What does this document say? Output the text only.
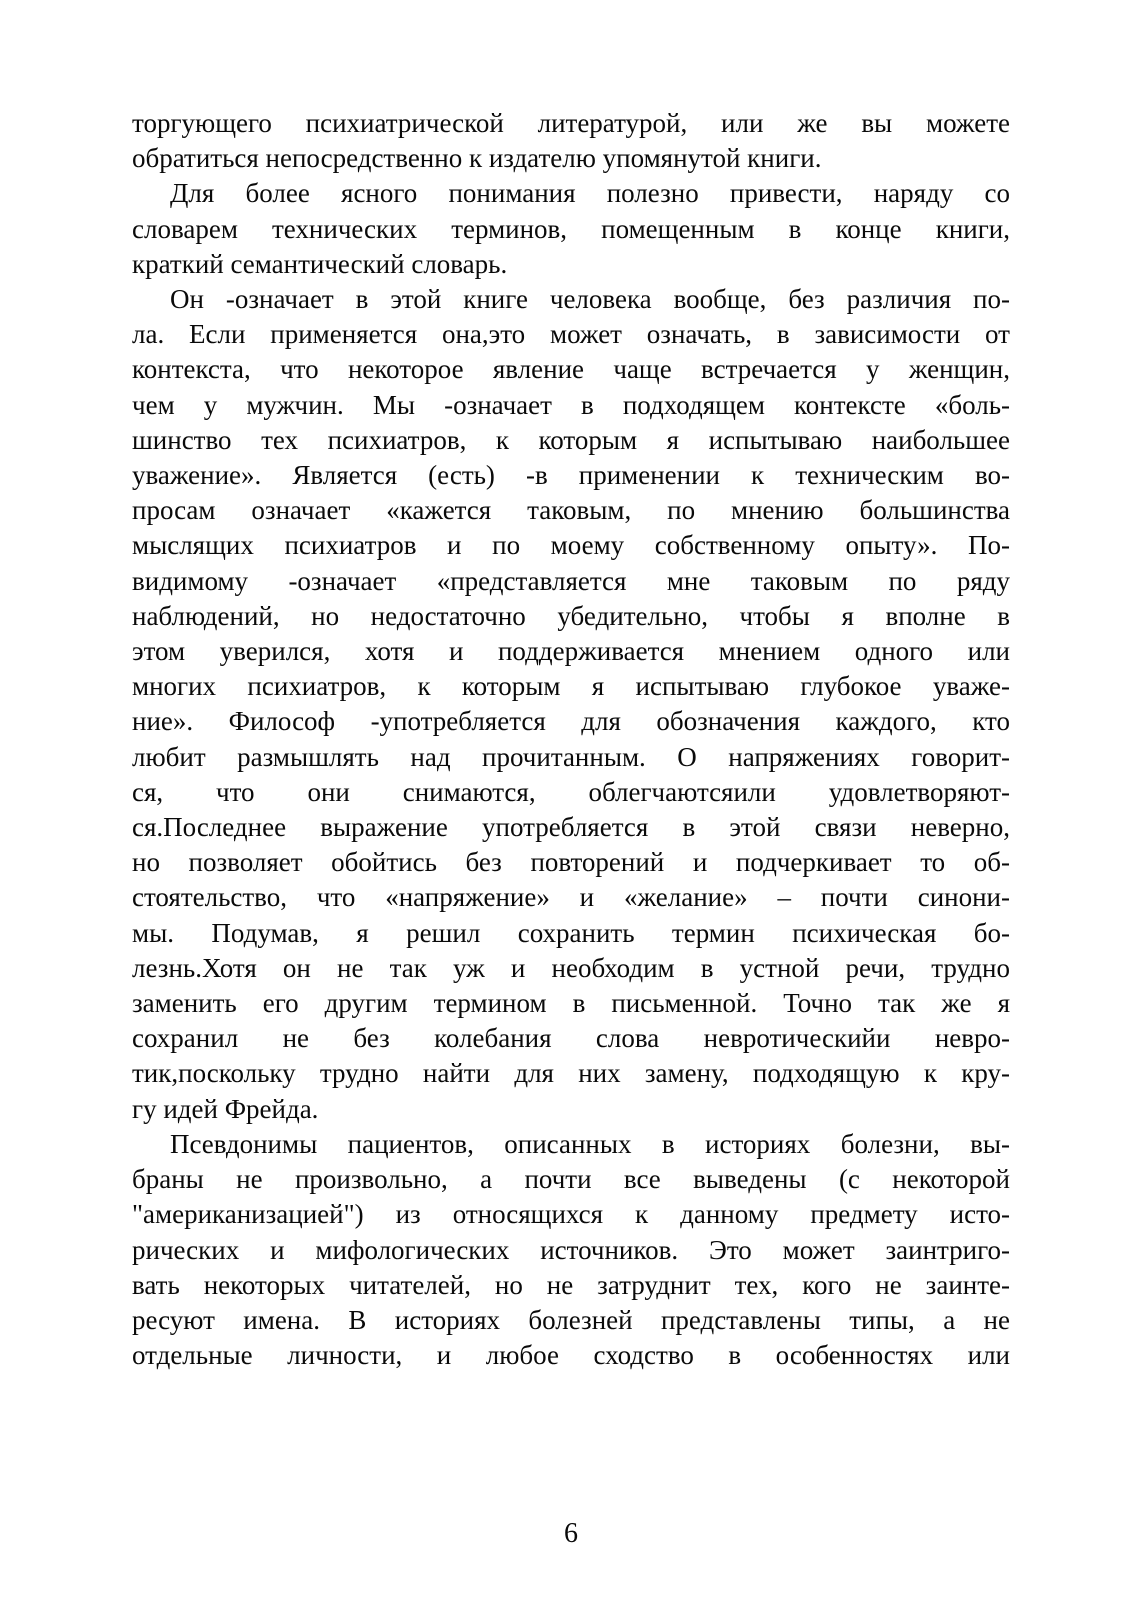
торгующего психиатрической литературой, или же вы можете
обратиться непосредственно к издателю упомянутой книги.
Для более ясного понимания полезно привести, наряду со
словарем технических терминов, помещенным в конце книги,
краткий семантический словарь.
Он -означает в этой книге человека вообще, без различия по-
ла. Если применяется она,это может означать, в зависимости от
контекста, что некоторое явление чаще встречается у женщин,
чем у мужчин. Мы -означает в подходящем контексте «боль-
шинство тех психиатров, к которым я испытываю наибольшее
уважение». Является (есть) -в применении к техническим во-
просам означает «кажется таковым, по мнению большинства
мыслящих психиатров и по моему собственному опыту». По-
видимому -означает «представляется мне таковым по ряду
наблюдений, но недостаточно убедительно, чтобы я вполне в
этом уверился, хотя и поддерживается мнением одного или
многих психиатров, к которым я испытываю глубокое уваже-
ние». Философ -употребляется для обозначения каждого, кто
любит размышлять над прочитанным. О напряжениях говорит-
ся, что они снимаются, облегчаютсяили удовлетворяют-
ся.Последнее выражение употребляется в этой связи неверно,
но позволяет обойтись без повторений и подчеркивает то об-
стоятельство, что «напряжение» и «желание» – почти синони-
мы. Подумав, я решил сохранить термин психическая бо-
лезнь.Хотя он не так уж и необходим в устной речи, трудно
заменить его другим термином в письменной. Точно так же я
сохранил не без колебания слова невротическийи невро-
тик,поскольку трудно найти для них замену, подходящую к кру-
гу идей Фрейда.
Псевдонимы пациентов, описанных в историях болезни, вы-
браны не произвольно, а почти все выведены (с некоторой
"американизацией") из относящихся к данному предмету исто-
рических и мифологических источников. Это может заинтриго-
вать некоторых читателей, но не затруднит тех, кого не заинте-
ресуют имена. В историях болезней представлены типы, а не
отдельные личности, и любое сходство в особенностях или
6
